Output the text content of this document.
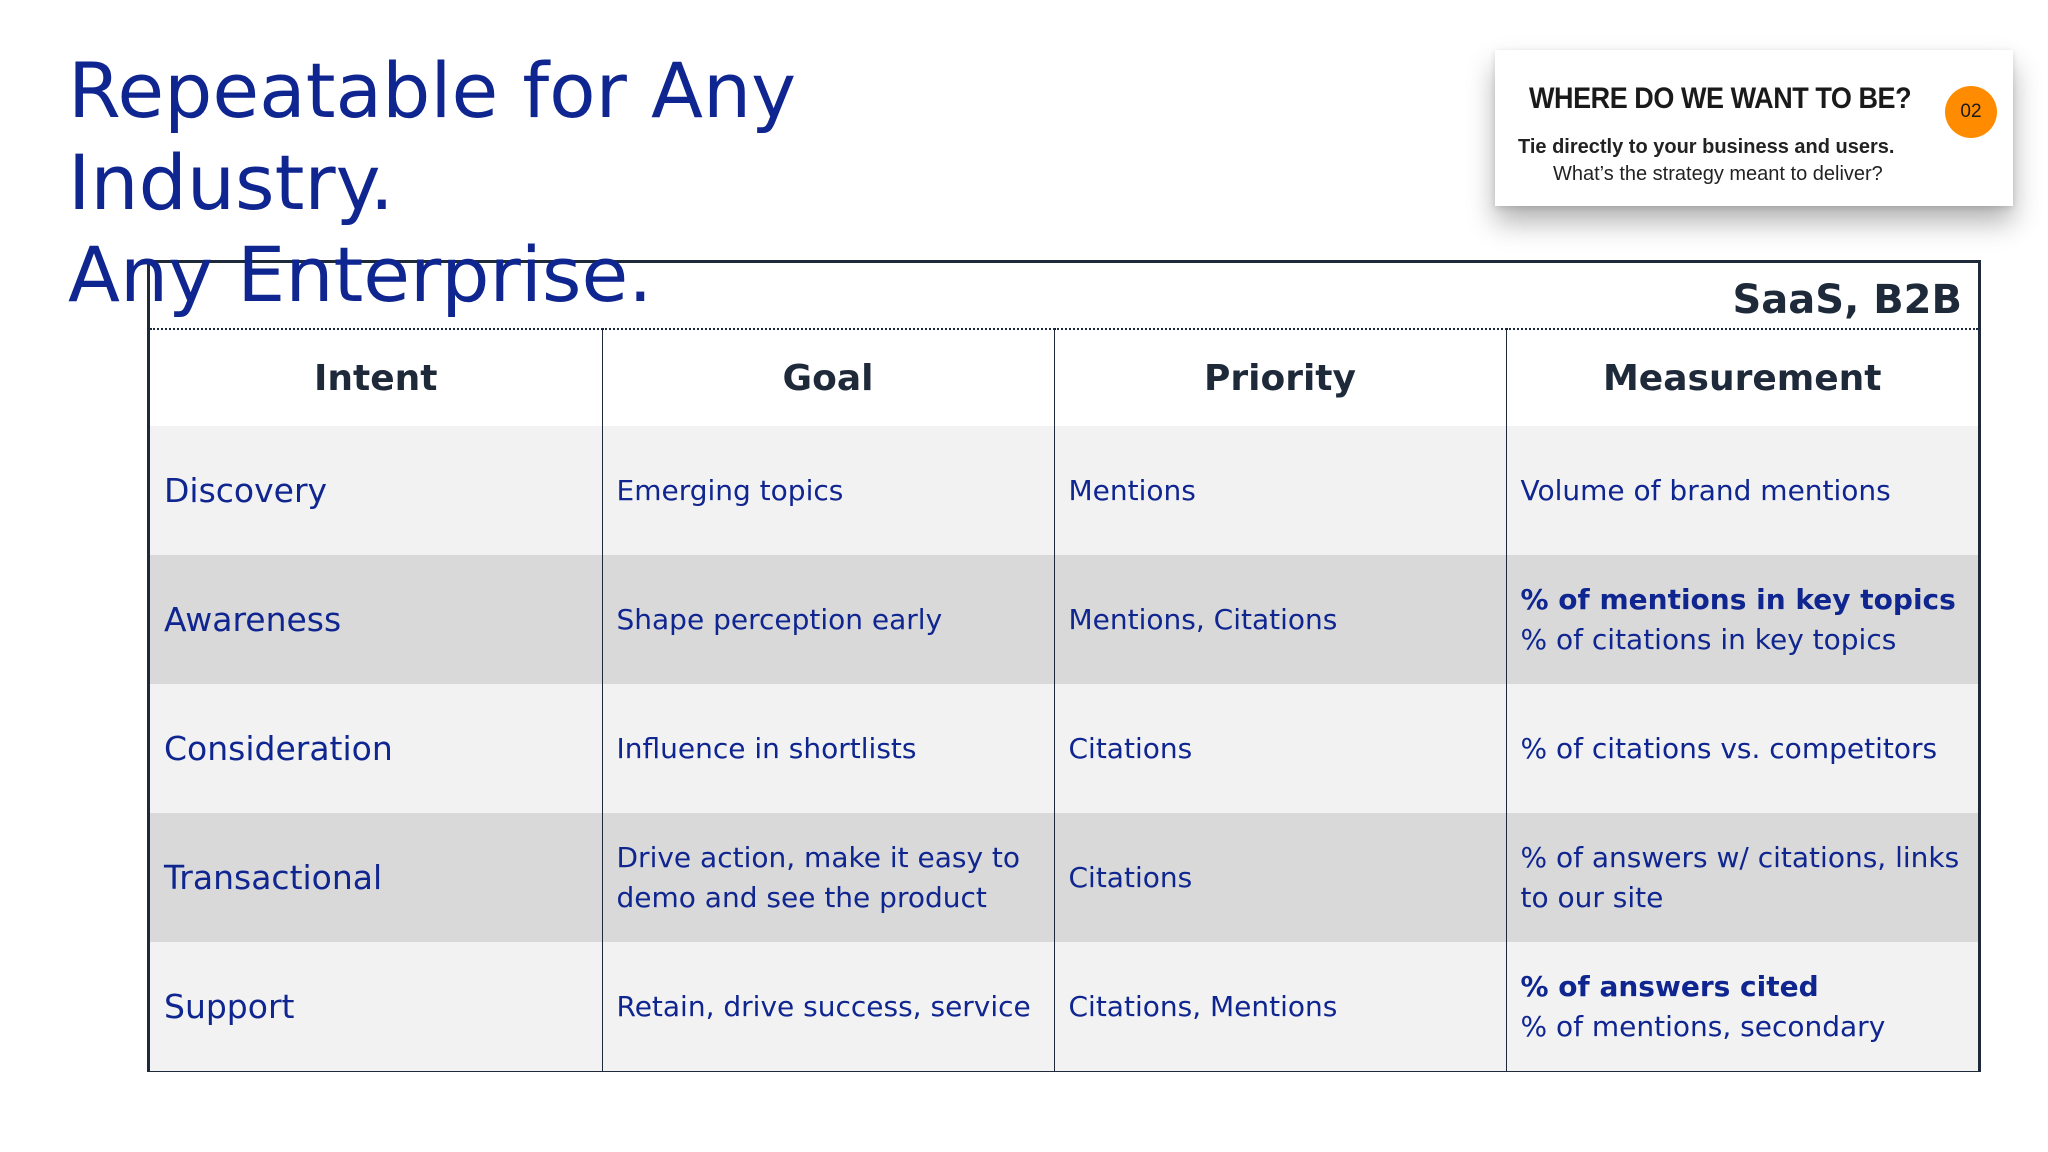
Repeatable for Any
Industry.
Any Enterprise.
WHERE DO WE WANT TO BE?	02
Tie directly to your business and users.
What’s the strategy meant to deliver?
SaaS, B2B
Intent	Goal	Priority	Measurement
Discovery	Emerging topics	Mentions	Volume of brand mentions

Awareness	Shape perception early	Mentions, Citations	% of mentions in key topics
% of citations in key topics

Consideration	Influence in shortlists	Citations	% of citations vs. competitors

Transactional	Drive action, make it easy to demo and see the product	Citations	% of answers w/ citations, links to our site

Support	Retain, drive success, service	Citations, Mentions	% of answers cited
% of mentions, secondary
